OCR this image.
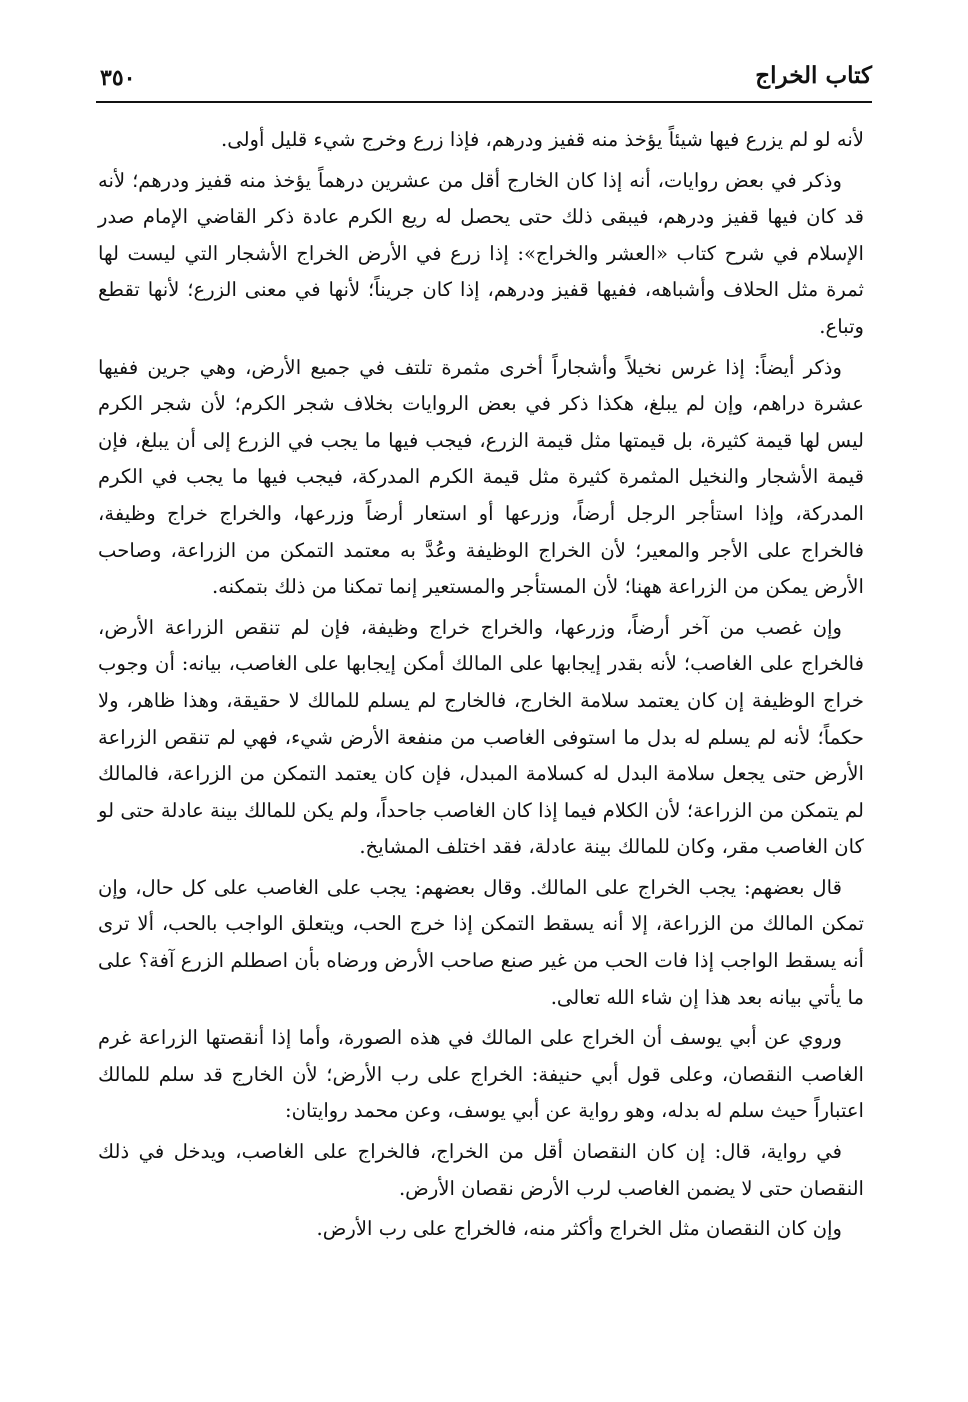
كتاب الخراج
٣٥٠

لأنه لو لم يزرع فيها شيئاً يؤخذ منه قفيز ودرهم، فإذا زرع وخرج شيء قليل أولى.

وذكر في بعض روايات، أنه إذا كان الخارج أقل من عشرين درهماً يؤخذ منه قفيز ودرهم؛ لأنه قد كان فيها قفيز ودرهم، فيبقى ذلك حتى يحصل له ريع الكرم عادة ذكر القاضي الإمام صدر الإسلام في شرح كتاب «العشر والخراج»: إذا زرع في الأرض الخراج الأشجار التي ليست لها ثمرة مثل الحلاف وأشباهه، ففيها قفيز ودرهم، إذا كان جريناً؛ لأنها في معنى الزرع؛ لأنها تقطع وتباع.

وذكر أيضاً: إذا غرس نخيلاً وأشجاراً أخرى مثمرة تلتف في جميع الأرض، وهي جرين ففيها عشرة دراهم، وإن لم يبلغ، هكذا ذكر في بعض الروايات بخلاف شجر الكرم؛ لأن شجر الكرم ليس لها قيمة كثيرة، بل قيمتها مثل قيمة الزرع، فيجب فيها ما يجب في الزرع إلى أن يبلغ، فإن قيمة الأشجار والنخيل المثمرة كثيرة مثل قيمة الكرم المدركة، فيجب فيها ما يجب في الكرم المدركة، وإذا استأجر الرجل أرضاً، وزرعها أو استعار أرضاً وزرعها، والخراج خراج وظيفة، فالخراج على الأجر والمعير؛ لأن الخراج الوظيفة وعُدَّ به معتمد التمكن من الزراعة، وصاحب الأرض يمكن من الزراعة ههنا؛ لأن المستأجر والمستعير إنما تمكنا من ذلك بتمكنه.

وإن غصب من آخر أرضاً، وزرعها، والخراج خراج وظيفة، فإن لم تنقص الزراعة الأرض، فالخراج على الغاصب؛ لأنه بقدر إيجابها على المالك أمكن إيجابها على الغاصب، بيانه: أن وجوب خراج الوظيفة إن كان يعتمد سلامة الخارج، فالخارج لم يسلم للمالك لا حقيقة، وهذا ظاهر، ولا حكماً؛ لأنه لم يسلم له بدل ما استوفى الغاصب من منفعة الأرض شيء، فهي لم تنقص الزراعة الأرض حتى يجعل سلامة البدل له كسلامة المبدل، فإن كان يعتمد التمكن من الزراعة، فالمالك لم يتمكن من الزراعة؛ لأن الكلام فيما إذا كان الغاصب جاحداً، ولم يكن للمالك بينة عادلة حتى لو كان الغاصب مقر، وكان للمالك بينة عادلة، فقد اختلف المشايخ.

قال بعضهم: يجب الخراج على المالك. وقال بعضهم: يجب على الغاصب على كل حال، وإن تمكن المالك من الزراعة، إلا أنه يسقط التمكن إذا خرج الحب، ويتعلق الواجب بالحب، ألا ترى أنه يسقط الواجب إذا فات الحب من غير صنع صاحب الأرض ورضاه بأن اصطلم الزرع آفة؟ على ما يأتي بيانه بعد هذا إن شاء الله تعالى.

وروي عن أبي يوسف أن الخراج على المالك في هذه الصورة، وأما إذا أنقصتها الزراعة غرم الغاصب النقصان، وعلى قول أبي حنيفة: الخراج على رب الأرض؛ لأن الخارج قد سلم للمالك اعتباراً حيث سلم له بدله، وهو رواية عن أبي يوسف، وعن محمد روايتان:

في رواية، قال: إن كان النقصان أقل من الخراج، فالخراج على الغاصب، ويدخل في ذلك النقصان حتى لا يضمن الغاصب لرب الأرض نقصان الأرض.

وإن كان النقصان مثل الخراج وأكثر منه، فالخراج على رب الأرض.
